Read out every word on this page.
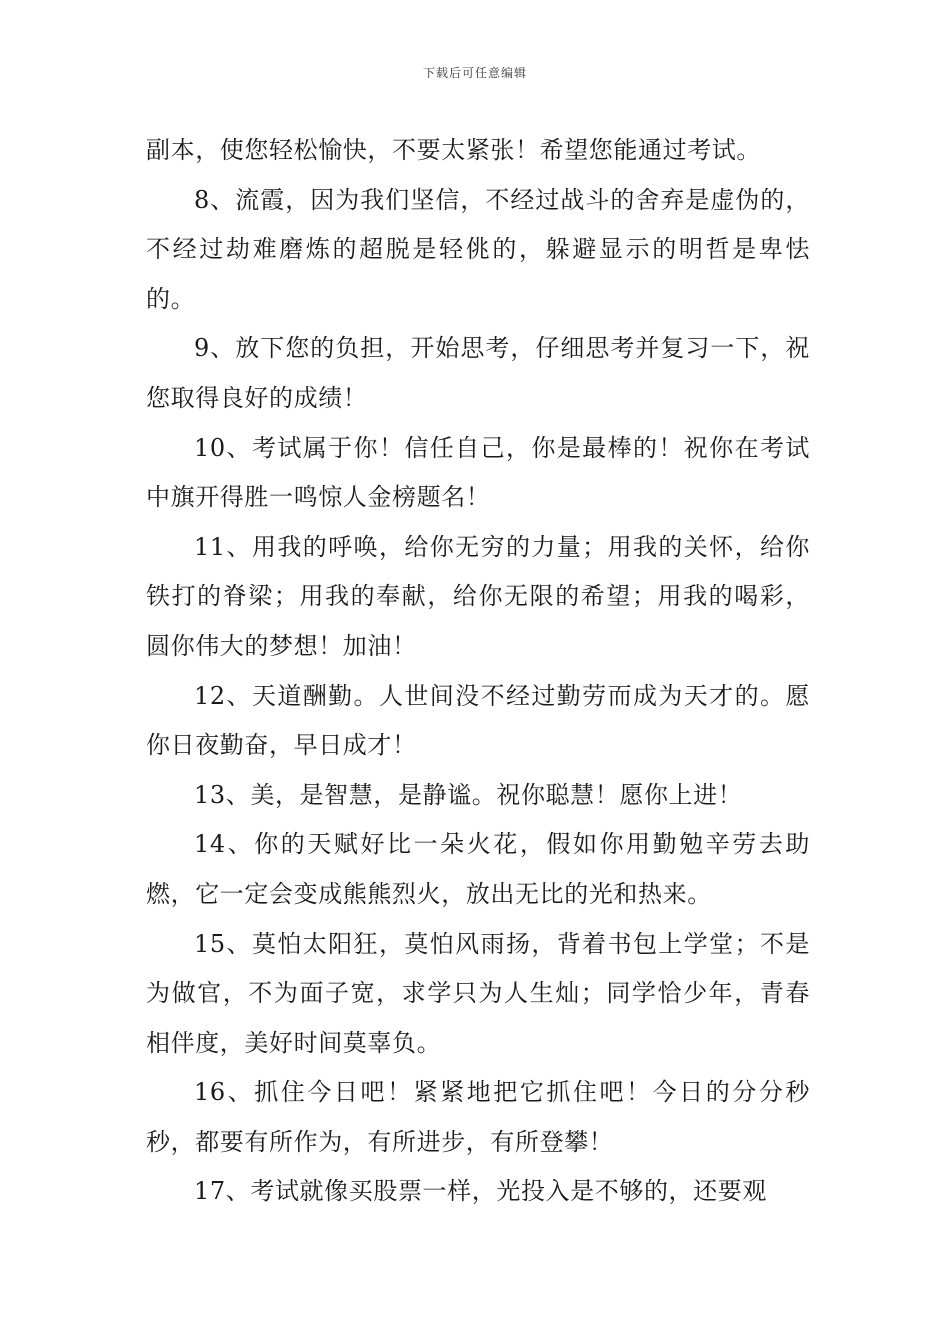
下载后可任意编辑

副本，使您轻松愉快，不要太紧张！希望您能通过考试。

8、流霞，因为我们坚信，不经过战斗的舍弃是虚伪的，不经过劫难磨炼的超脱是轻佻的，躲避显示的明哲是卑怯的。

9、放下您的负担，开始思考，仔细思考并复习一下，祝您取得良好的成绩！

10、考试属于你！信任自己，你是最棒的！祝你在考试中旗开得胜一鸣惊人金榜题名！

11、用我的呼唤，给你无穷的力量；用我的关怀，给你铁打的脊梁；用我的奉献，给你无限的希望；用我的喝彩，圆你伟大的梦想！加油！

12、天道酬勤。人世间没不经过勤劳而成为天才的。愿你日夜勤奋，早日成才！

13、美，是智慧，是静谧。祝你聪慧！愿你上进！

14、你的天赋好比一朵火花，假如你用勤勉辛劳去助燃，它一定会变成熊熊烈火，放出无比的光和热来。

15、莫怕太阳狂，莫怕风雨扬，背着书包上学堂；不是为做官，不为面子宽，求学只为人生灿；同学恰少年，青春相伴度，美好时间莫辜负。

16、抓住今日吧！紧紧地把它抓住吧！今日的分分秒秒，都要有所作为，有所进步，有所登攀！

17、考试就像买股票一样，光投入是不够的，还要观
